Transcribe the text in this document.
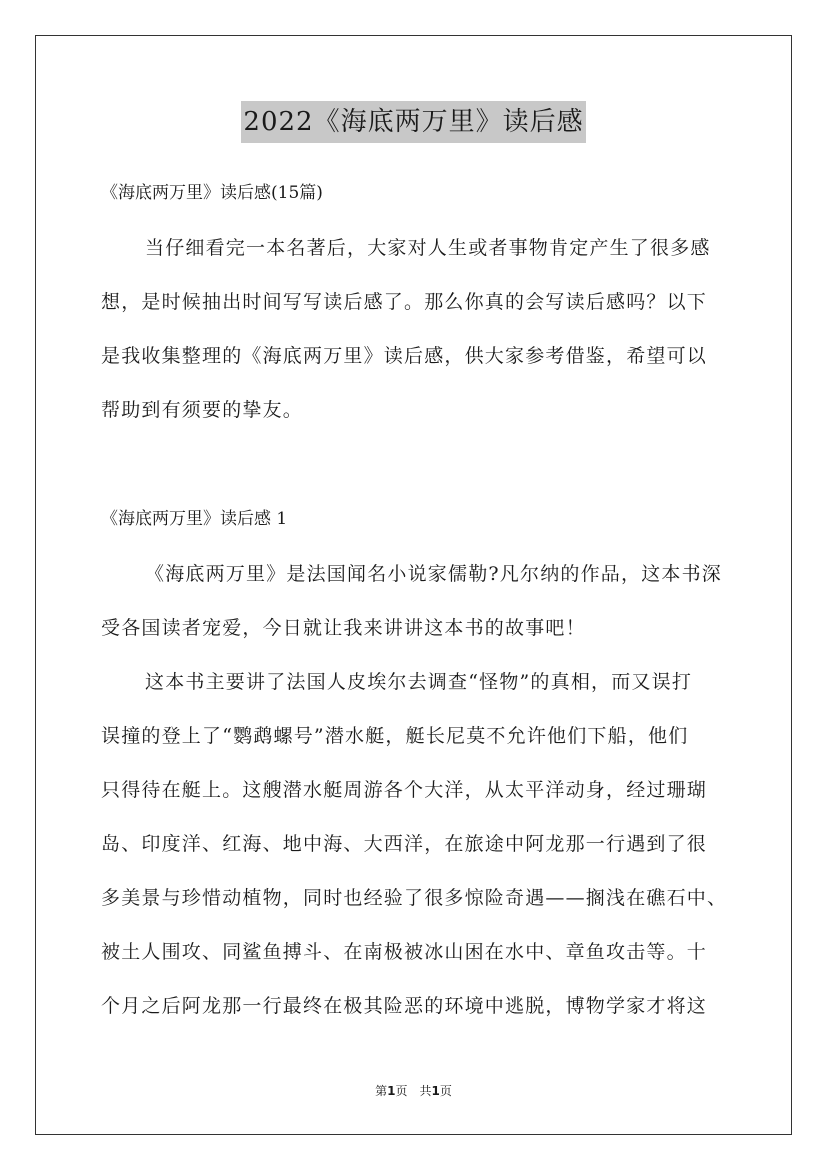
2022《海底两万里》读后感
《海底两万里》读后感(15篇)
当仔细看完一本名著后，大家对人生或者事物肯定产生了很多感
想，是时候抽出时间写写读后感了。那么你真的会写读后感吗？以下
是我收集整理的《海底两万里》读后感，供大家参考借鉴，希望可以
帮助到有须要的挚友。
《海底两万里》读后感 1
《海底两万里》是法国闻名小说家儒勒?凡尔纳的作品，这本书深
受各国读者宠爱，今日就让我来讲讲这本书的故事吧！
这本书主要讲了法国人皮埃尔去调查“怪物”的真相，而又误打
误撞的登上了“鹦鹉螺号”潜水艇，艇长尼莫不允许他们下船，他们
只得待在艇上。这艘潜水艇周游各个大洋，从太平洋动身，经过珊瑚
岛、印度洋、红海、地中海、大西洋，在旅途中阿龙那一行遇到了很
多美景与珍惜动植物，同时也经验了很多惊险奇遇——搁浅在礁石中、
被土人围攻、同鲨鱼搏斗、在南极被冰山困在水中、章鱼攻击等。十
个月之后阿龙那一行最终在极其险恶的环境中逃脱，博物学家才将这
第1页　共1页
